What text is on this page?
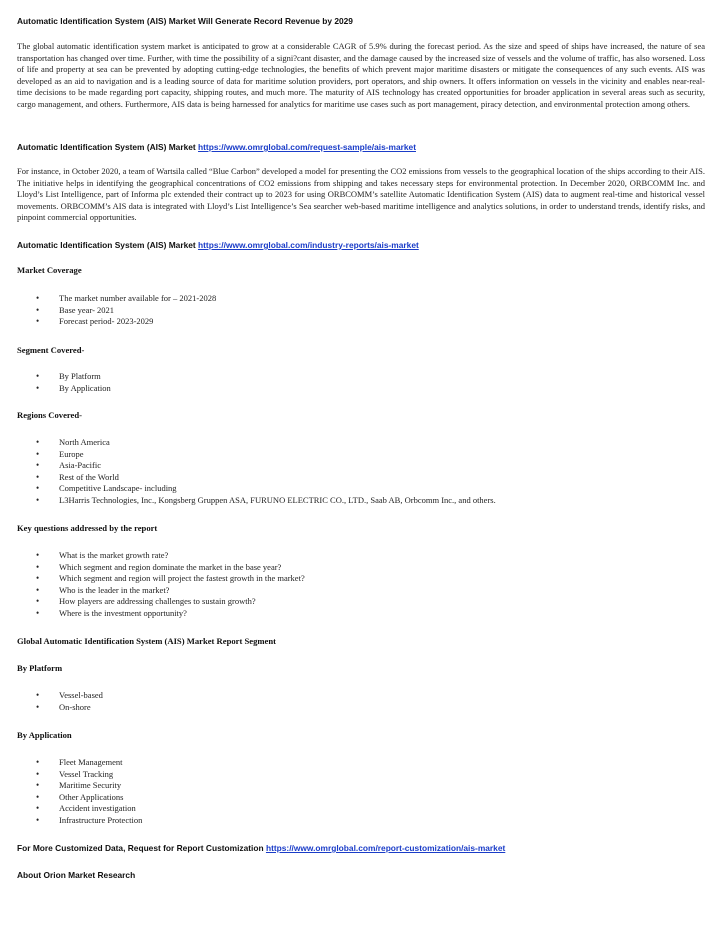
Automatic Identification System (AIS) Market Will Generate Record Revenue by 2029

The global automatic identification system market is anticipated to grow at a considerable CAGR of 5.9% during the forecast period. As the size and speed of ships have increased, the nature of sea transportation has changed over time. Further, with time the possibility of a signi?cant disaster, and the damage caused by the increased size of vessels and the volume of traffic, has also worsened. Loss of life and property at sea can be prevented by adopting cutting-edge technologies, the benefits of which prevent major maritime disasters or mitigate the consequences of any such events. AIS was developed as an aid to navigation and is a leading source of data for maritime solution providers, port operators, and ship owners. It offers information on vessels in the vicinity and enables near-real-time decisions to be made regarding port capacity, shipping routes, and much more. The maturity of AIS technology has created opportunities for broader application in several areas such as security, cargo management, and others. Furthermore, AIS data is being harnessed for analytics for maritime use cases such as port management, piracy detection, and environmental protection among others.

Automatic Identification System (AIS) Market https://www.omrglobal.com/request-sample/ais-market

For instance, in October 2020, a team of Wartsila called “Blue Carbon” developed a model for presenting the CO2 emissions from vessels to the geographical location of the ships according to their AIS. The initiative helps in identifying the geographical concentrations of CO2 emissions from shipping and takes necessary steps for environmental protection. In December 2020, ORBCOMM Inc. and Lloyd’s List Intelligence, part of Informa plc extended their contract up to 2023 for using ORBCOMM’s satellite Automatic Identification System (AIS) data to augment real-time and historical vessel movements. ORBCOMM’s AIS data is integrated with Lloyd’s List Intelligence’s Sea searcher web-based maritime intelligence and analytics solutions, in order to understand trends, identify risks, and pinpoint commercial opportunities.

Automatic Identification System (AIS) Market https://www.omrglobal.com/industry-reports/ais-market
Market Coverage
• The market number available for – 2021-2028
• Base year- 2021
• Forecast period- 2023-2029
Segment Covered-
• By Platform
• By Application
Regions Covered-
• North America
• Europe
• Asia-Pacific
• Rest of the World
• Competitive Landscape- including
• L3Harris Technologies, Inc., Kongsberg Gruppen ASA, FURUNO ELECTRIC CO., LTD., Saab AB, Orbcomm Inc., and others.
Key questions addressed by the report
• What is the market growth rate?
• Which segment and region dominate the market in the base year?
• Which segment and region will project the fastest growth in the market?
• Who is the leader in the market?
• How players are addressing challenges to sustain growth?
• Where is the investment opportunity?
Global Automatic Identification System (AIS) Market Report Segment
By Platform
• Vessel-based
• On-shore
By Application
• Fleet Management
• Vessel Tracking
• Maritime Security
• Other Applications
• Accident investigation
• Infrastructure Protection
For More Customized Data, Request for Report Customization https://www.omrglobal.com/report-customization/ais-market
About Orion Market Research
